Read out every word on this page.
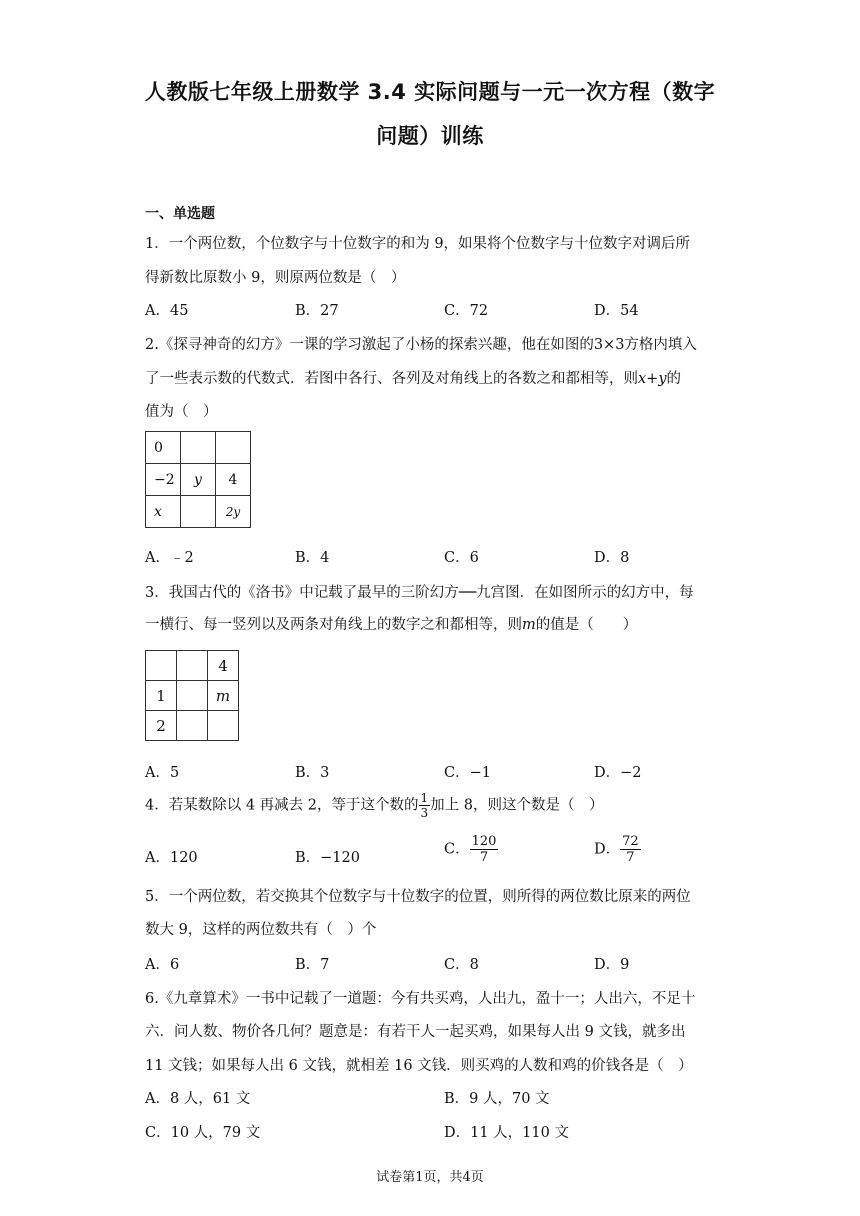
人教版七年级上册数学 3.4 实际问题与一元一次方程（数字
问题）训练
一、单选题
1．一个两位数，个位数字与十位数字的和为 9，如果将个位数字与十位数字对调后所
得新数比原数小 9，则原两位数是（　）
A．45	B．27	C．72	D．54
2.《探寻神奇的幻方》一课的学习激起了小杨的探索兴趣，他在如图的3×3方格内填入
了一些表示数的代数式．若图中各行、各列及对角线上的各数之和都相等，则x+y的
值为（　）
0		
−2	y	4
x		2y
A．﹣2	B．4	C．6	D．8
3．我国古代的《洛书》中记载了最早的三阶幻方──九宫图．在如图所示的幻方中，每
一横行、每一竖列以及两条对角线上的数字之和都相等，则m的值是（　　）
		4
1		m
2		
A．5	B．3	C．−1	D．−2
4．若某数除以 4 再减去 2，等于这个数的 $\frac{1}{3}$ 加上 8，则这个数是（　）
A．120	B．−120
C． $\frac{120}{7}$	D． $\frac{72}{7}$
5．一个两位数，若交换其个位数字与十位数字的位置，则所得的两位数比原来的两位
数大 9，这样的两位数共有（　）个
A．6	B．7	C．8	D．9
6.《九章算术》一书中记载了一道题：今有共买鸡，人出九，盈十一；人出六，不足十
六．问人数、物价各几何？题意是：有若干人一起买鸡，如果每人出 9 文钱，就多出
11 文钱；如果每人出 6 文钱，就相差 16 文钱．则买鸡的人数和鸡的价钱各是（　）
A．8 人，61 文	B．9 人，70 文
C．10 人，79 文	D．11 人，110 文
试卷第1页，共4页
